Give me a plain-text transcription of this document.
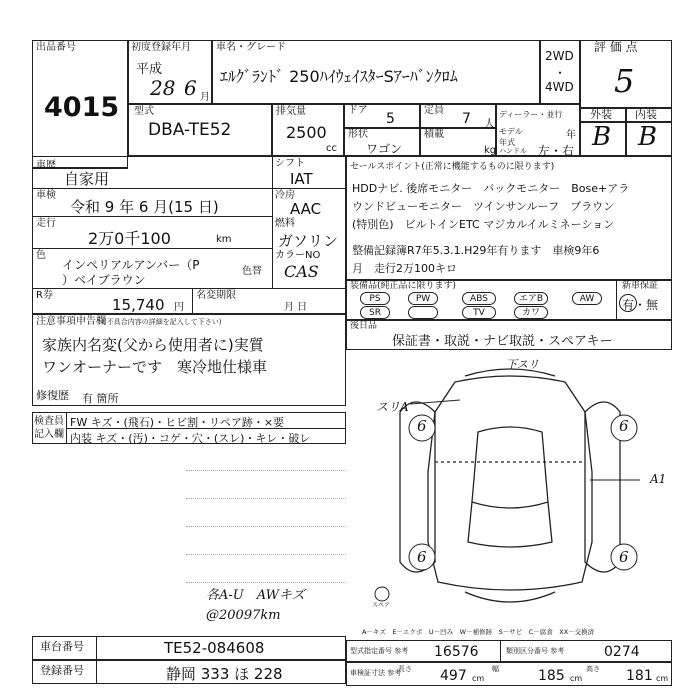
出品番号
4015
初度登録年月
平成
28 6 月
車名・グレード
ｴﾙｸﾞﾗﾝﾄﾞ 250ﾊｲｳｪｲｽﾀｰSｱｰﾊﾞﾝｸﾛﾑ
2WD
・
4WD
評 価 点
5
型式
DBA-TE52
排気量
2500
cc
ドア
5
定員
7 人
ディーラー・並行
モデル年式
年
外装 内装
B B
形状
ワゴン
積載
kg ハンドル 左・右
車歴
自家用
車検
令和 9 年 6 月(15 日)
走行
2万0千100	km
色
インペリアルアンバー（P
）ベイブラウン
色替
シフト
IAT
冷房
AAC
燃料
ガソリン
カラーNO
CAS
R券
15,740 円
名変期限
月 日
注意事項申告欄
(不具合内容の詳細を記入して下さい)
家族内名変(父から使用者に)実質
ワンオーナーです　寒冷地仕様車
修復歴 有 箇所
セールスポイント(正常に機能するものに限ります)
HDDナビ. 後席モニター　バックモニター　Bose+アラ
ウンドビューモニター　ツインサンルーフ　ブラウン
(特別色)　ビルトインETC マジカルイルミネーション
整備記録簿R7年5.3.1.H29年有ります　車検9年6
月　走行2万100キロ
装備品(純正品に限ります)	新車保証
有・無
PS	PW	ABS	エアB	AW
SR	TV	カワ
後日品
保証書・取説・ナビ取説・スペアキー
検査員
記入欄
FW キズ・(飛石)・ヒビ割・リペア跡・×要
内装 キズ・(汚)・コゲ・穴・(スレ)・キレ・破レ
各A-U　AWキズ
@20097km
6	6
6	6
下スリ
スリA
A1
スペア
A－キズ　E－エクボ　U－凹み　W－補修跡　S－サビ　C－腐食　XX－交換済
車台番号	TE52-084608
登録番号	静岡 333 ほ 228
型式指定番号 参考 16576	類別区分番号 参考	0274
車検証寸法 参考
長さ 497 cm
幅	185 cm
高さ 181 cm
